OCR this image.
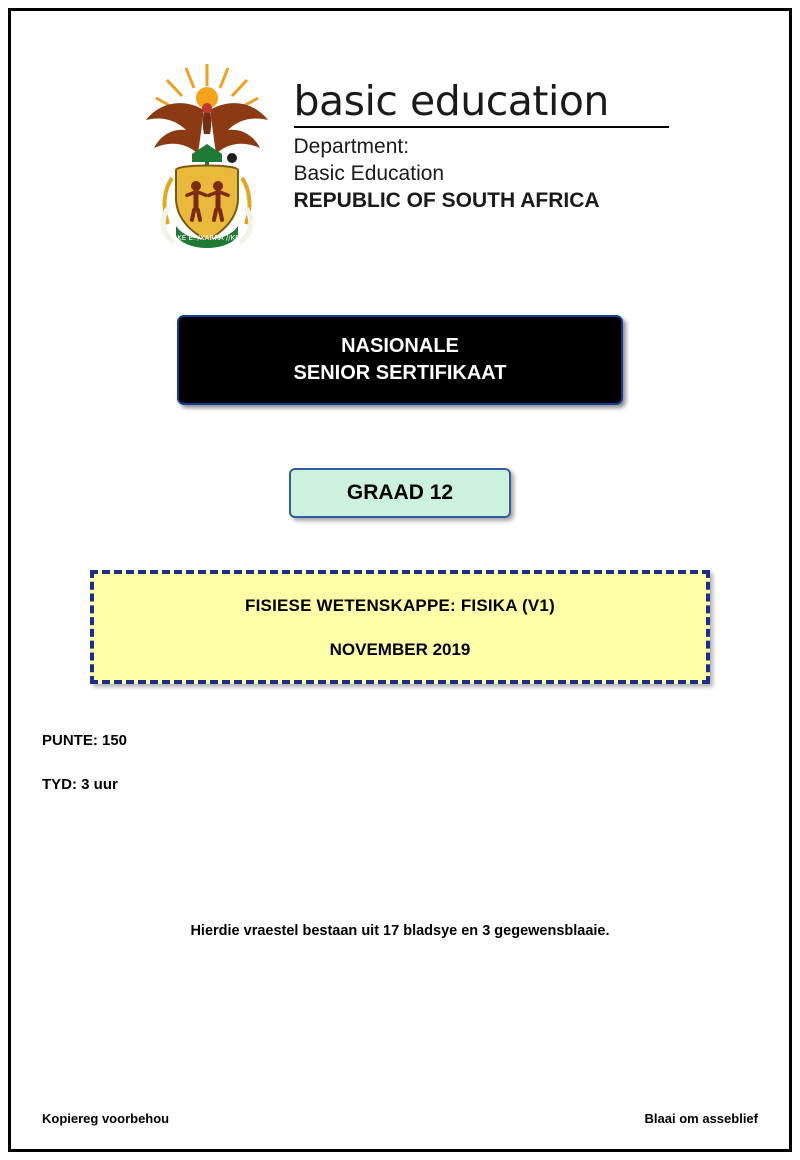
!KE E: /XARRA //KE
basic education
Department:
Basic Education
REPUBLIC OF SOUTH AFRICA
NASIONALE
SENIOR SERTIFIKAAT
GRAAD 12
FISIESE WETENSKAPPE: FISIKA (V1)
NOVEMBER 2019
PUNTE: 150
TYD: 3 uur
Hierdie vraestel bestaan uit 17 bladsye en 3 gegewensblaaie.
Kopiereg voorbehou	Blaai om asseblief
